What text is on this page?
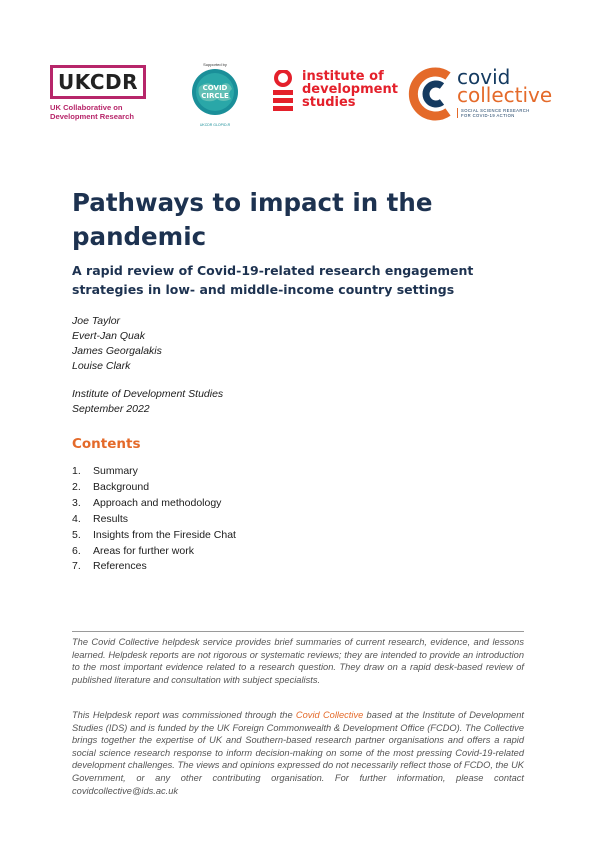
UKCDR
UK Collaborative on
Development Research
Supported by
COVID
CIRCLE
UKCDR GLOPID-R
institute of
development
studies
covid
collective
SOCIAL SCIENCE RESEARCH
FOR COVID-19 ACTION
Pathways to impact in the pandemic
A rapid review of Covid-19-related research engagement strategies in low- and middle-income country settings
Joe Taylor
Evert-Jan Quak
James Georgalakis
Louise Clark
Institute of Development Studies
September 2022
Contents
1.	Summary
2.	Background
3.	Approach and methodology
4.	Results
5.	Insights from the Fireside Chat
6.	Areas for further work
7.	References

The Covid Collective helpdesk service provides brief summaries of current research, evidence, and lessons learned. Helpdesk reports are not rigorous or systematic reviews; they are intended to provide an introduction to the most important evidence related to a research question. They draw on a rapid desk-based review of published literature and consultation with subject specialists.

This Helpdesk report was commissioned through the Covid Collective based at the Institute of Development Studies (IDS) and is funded by the UK Foreign Commonwealth & Development Office (FCDO). The Collective brings together the expertise of UK and Southern-based research partner organisations and offers a rapid social science research response to inform decision-making on some of the most pressing Covid-19-related development challenges. The views and opinions expressed do not necessarily reflect those of FCDO, the UK Government, or any other contributing organisation. For further information, please contact covidcollective@ids.ac.uk
